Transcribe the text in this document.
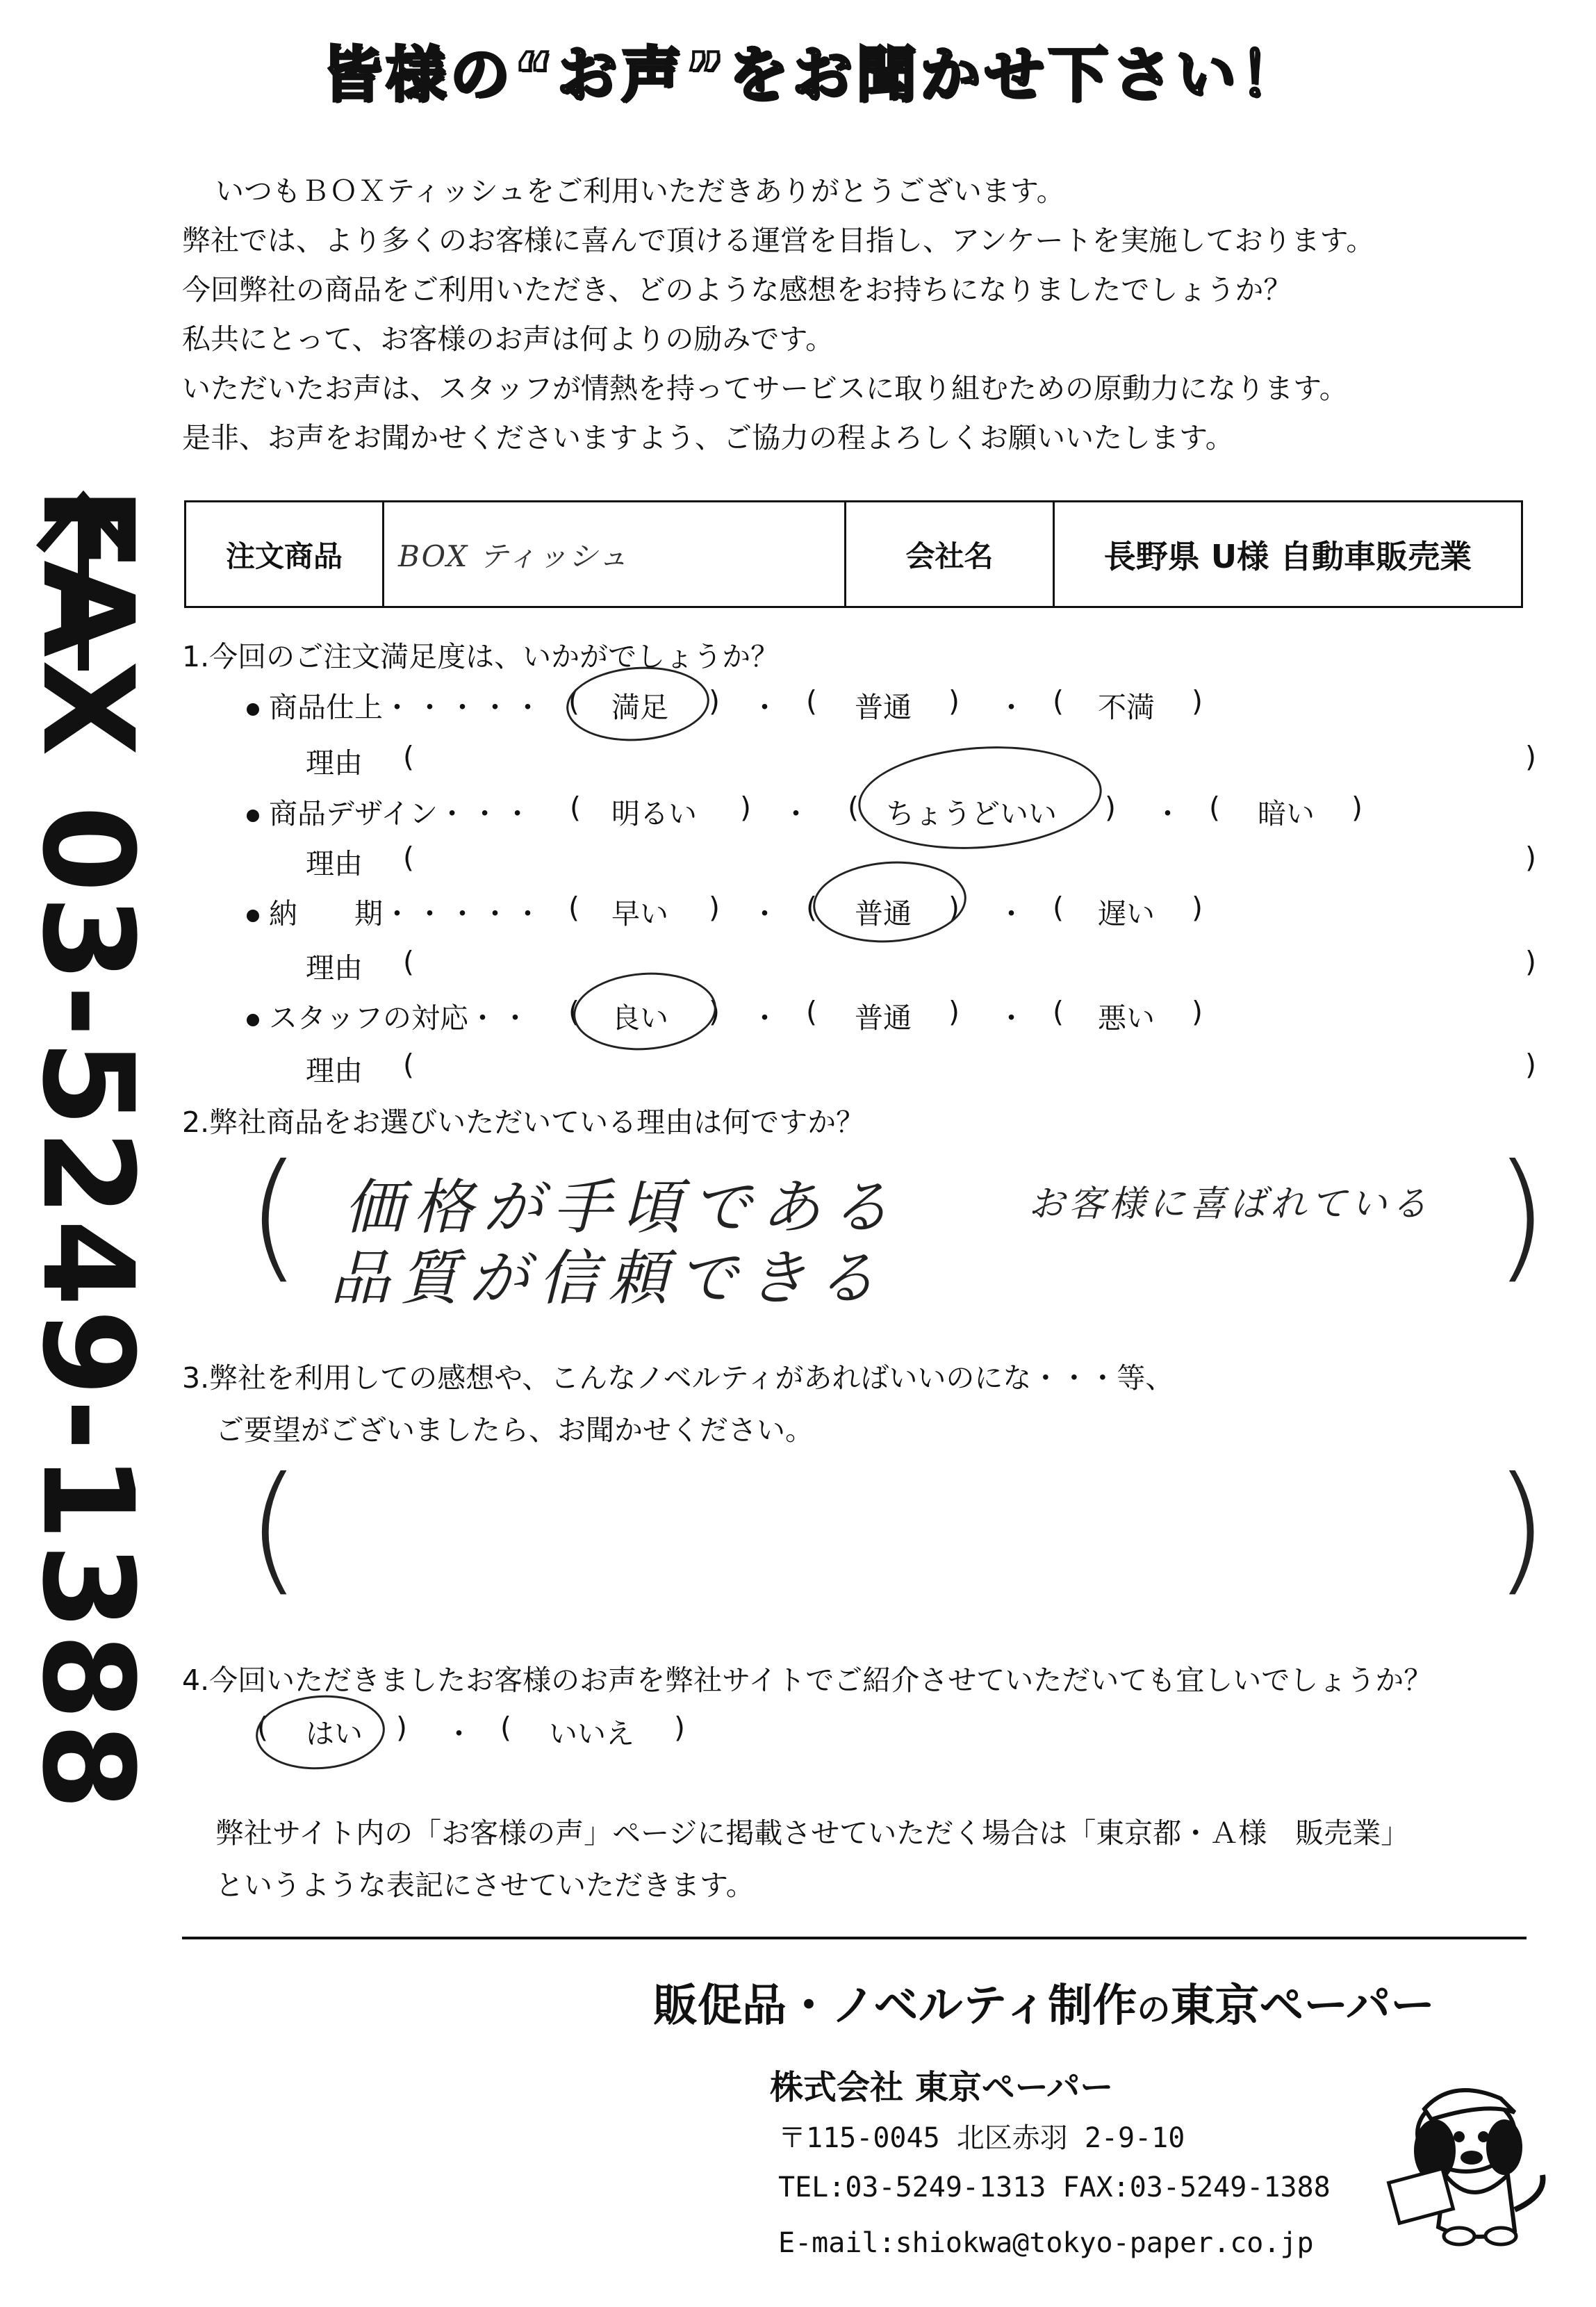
皆様の“お声”をお聞かせ下さい！
いつもＢＯＸティッシュをご利用いただきありがとうございます。
弊社では、より多くのお客様に喜んで頂ける運営を目指し、アンケートを実施しております。
今回弊社の商品をご利用いただき、どのような感想をお持ちになりましたでしょうか？
私共にとって、お客様のお声は何よりの励みです。
いただいたお声は、スタッフが情熱を持ってサービスに取り組むための原動力になります。
是非、お声をお聞かせくださいますよう、ご協力の程よろしくお願いいたします。
FAX 03-5249-1388	注文商品	BOX ティッシュ	会社名	長野県 U様 自動車販売業
1.今回のご注文満足度は、いかがでしょうか？
商品仕上 ・・・・・ ( 満足 ) ・ ( 普通 ) ・ ( 不満 )
理由 (	)
商品デザイン ・・・ ( 明るい ) ・ ( ちょうどいい ) ・ ( 暗い )
理由 (	)
納　　期 ・・・・・ ( 早い ) ・ ( 普通 ) ・ ( 遅い )
理由 (	)
スタッフの対応 ・・ ( 良い ) ・ ( 普通 ) ・ ( 悪い )
理由 (	)
2.弊社商品をお選びいただいている理由は何ですか？
(	)
価格が手頃である
品質が信頼できる
お客様に喜ばれている
3.弊社を利用しての感想や、こんなノベルティがあればいいのにな・・・等、
ご要望がございましたら、お聞かせください。
(	)
4.今回いただきましたお客様のお声を弊社サイトでご紹介させていただいても宜しいでしょうか？
( はい ) ・ ( いいえ )
弊社サイト内の「お客様の声」ページに掲載させていただく場合は「東京都・Ａ様　販売業」
というような表記にさせていただきます。
販促品・ノベルティ制作の東京ペーパー
株式会社 東京ペーパー
〒115-0045 北区赤羽 2-9-10
TEL:03-5249-1313 FAX:03-5249-1388
E-mail:shiokwa@tokyo-paper.co.jp
